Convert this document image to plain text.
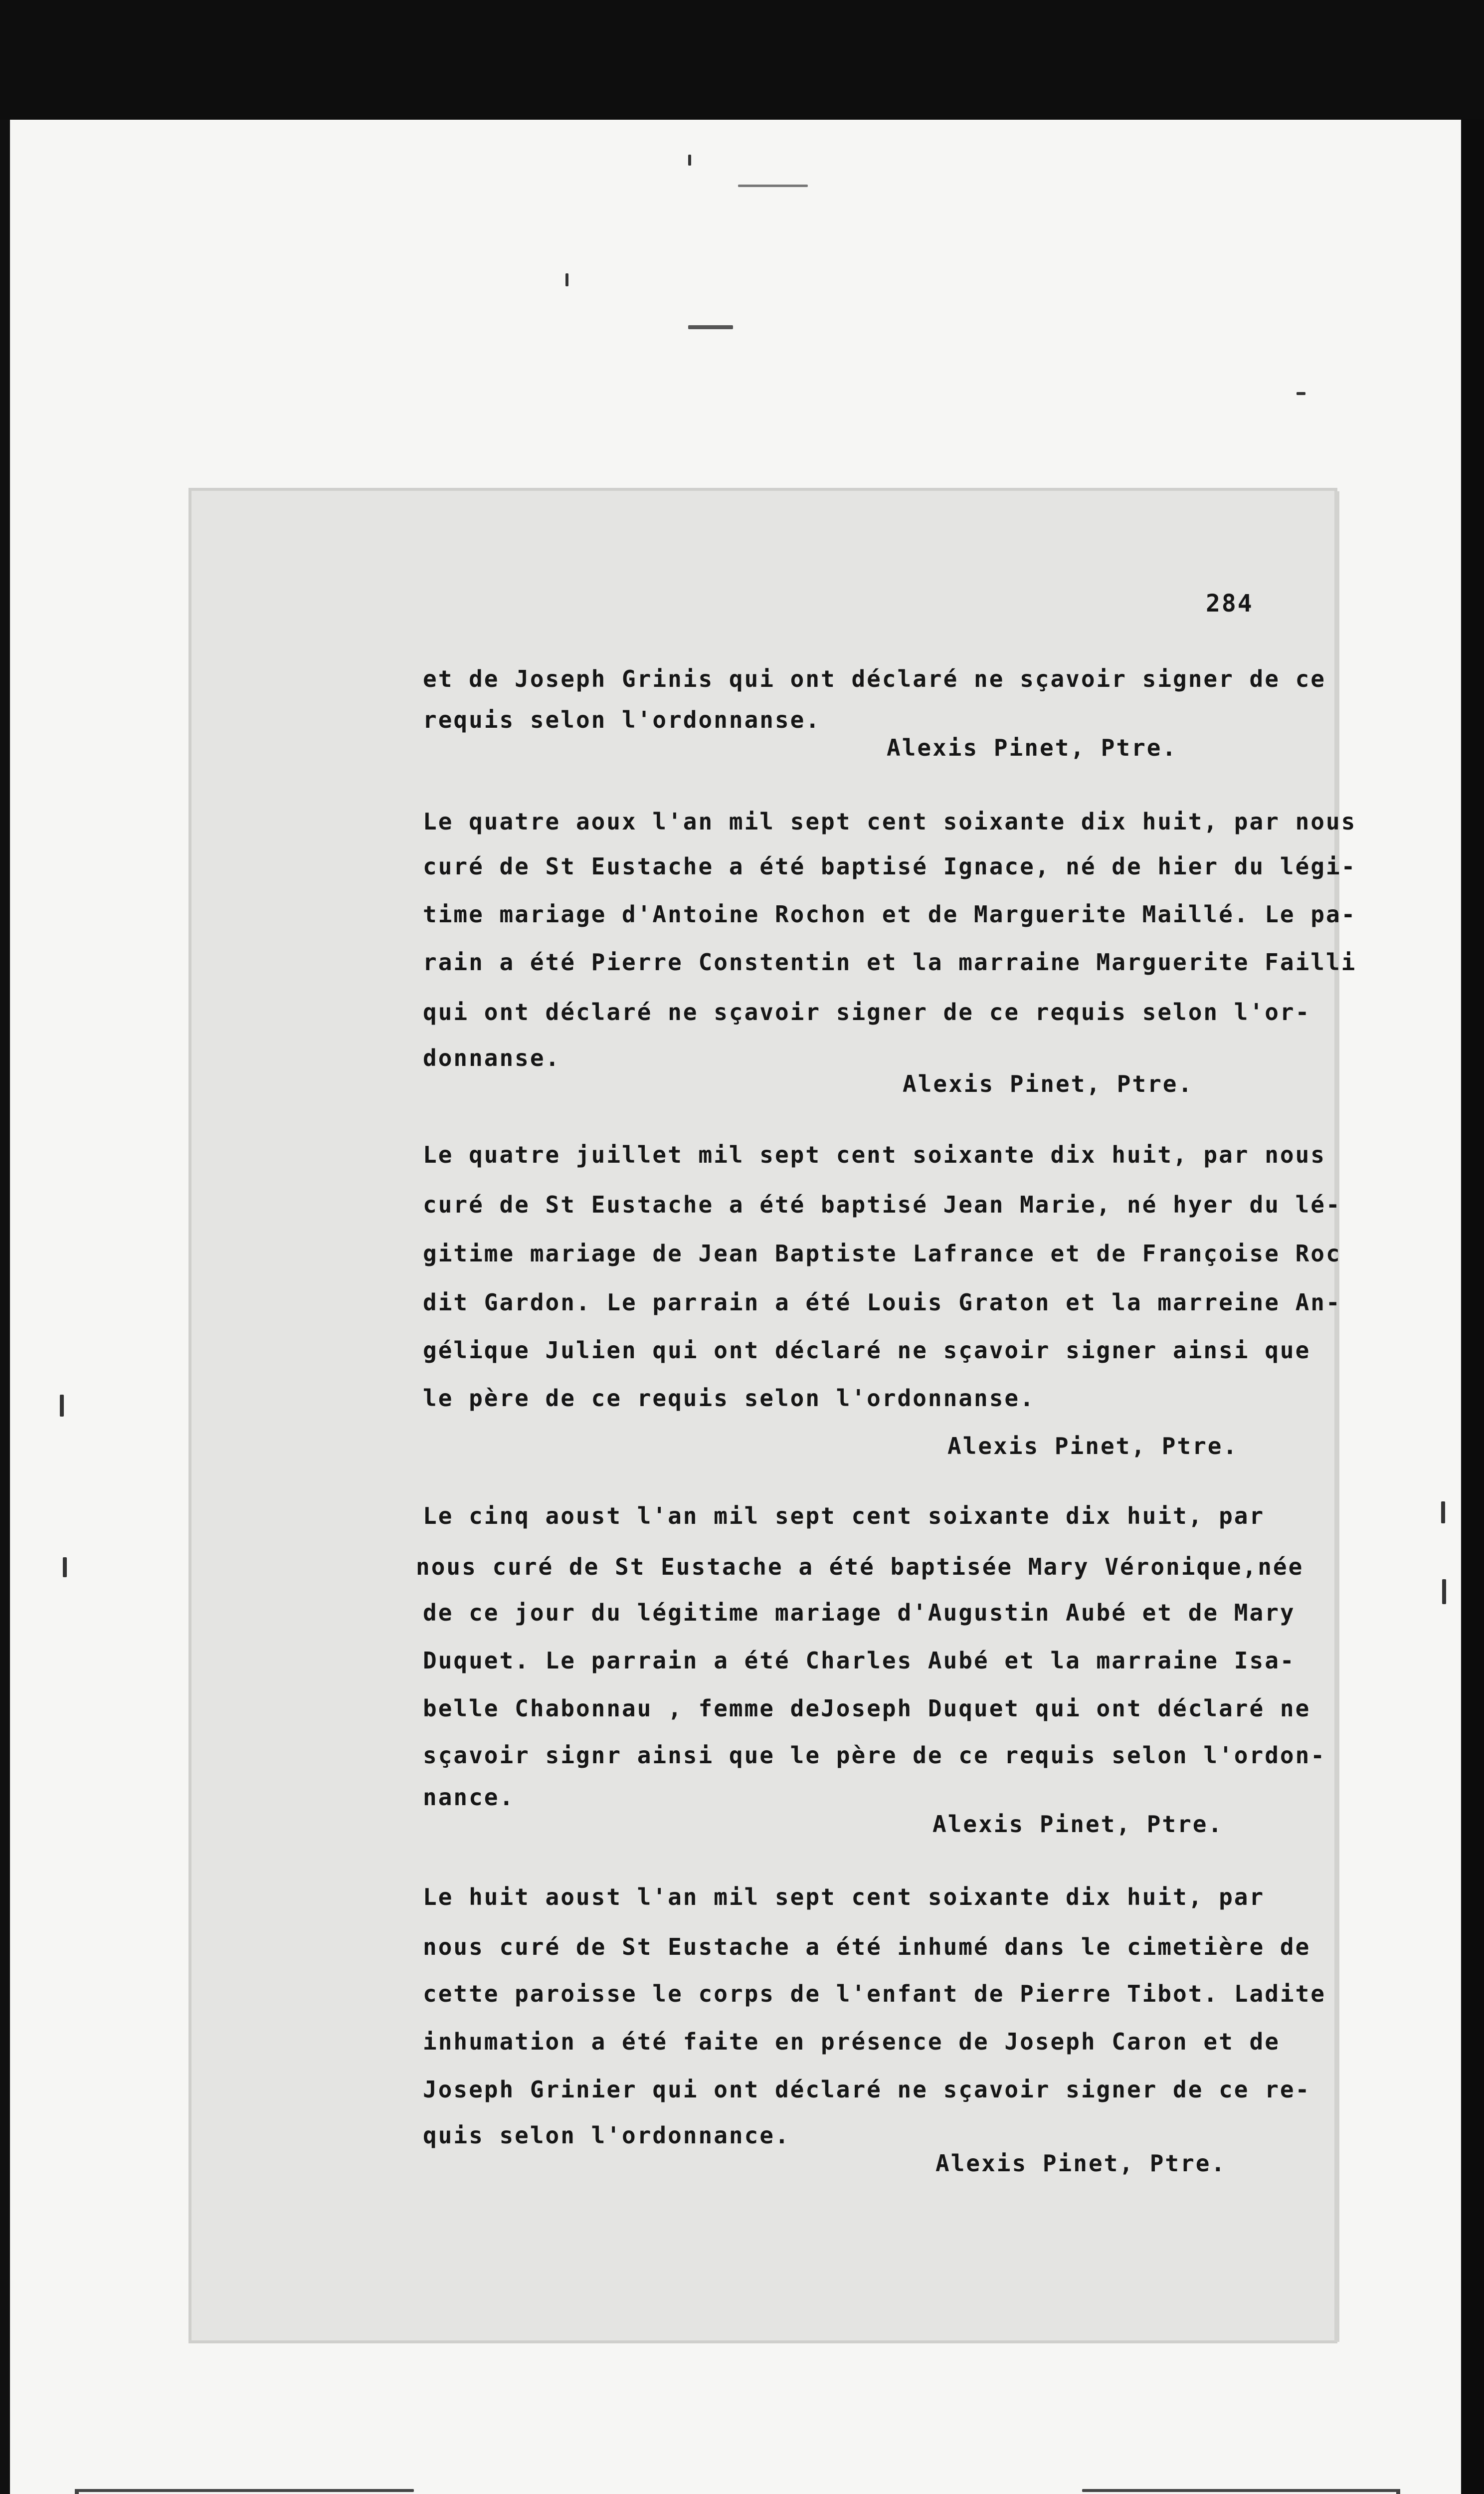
284
et de Joseph Grinis qui ont déclaré ne sçavoir signer de ce
requis selon l'ordonnanse.
Alexis Pinet, Ptre.
Le quatre aoux l'an mil sept cent soixante dix huit, par nous
curé de St Eustache a été baptisé Ignace, né de hier du légi-
time mariage d'Antoine Rochon et de Marguerite Maillé. Le pa-
rain a été Pierre Constentin et la marraine Marguerite Failli
qui ont déclaré ne sçavoir signer de ce requis selon l'or-
donnanse.
Alexis Pinet, Ptre.
Le quatre juillet mil sept cent soixante dix huit, par nous
curé de St Eustache a été baptisé Jean Marie, né hyer du lé-
gitime mariage de Jean Baptiste Lafrance et de Françoise Roc
dit Gardon. Le parrain a été Louis Graton et la marreine An-
gélique Julien qui ont déclaré ne sçavoir signer ainsi que
le père de ce requis selon l'ordonnanse.
Alexis Pinet, Ptre.
Le cinq aoust l'an mil sept cent soixante dix huit, par
nous curé de St Eustache a été baptisée Mary Véronique,née
de ce jour du légitime mariage d'Augustin Aubé et de Mary
Duquet. Le parrain a été Charles Aubé et la marraine Isa-
belle Chabonnau , femme deJoseph Duquet qui ont déclaré ne
sçavoir signr ainsi que le père de ce requis selon l'ordon-
nance.
Alexis Pinet, Ptre.
Le huit aoust l'an mil sept cent soixante dix huit, par
nous curé de St Eustache a été inhumé dans le cimetière de
cette paroisse le corps de l'enfant de Pierre Tibot. Ladite
inhumation a été faite en présence de Joseph Caron et de
Joseph Grinier qui ont déclaré ne sçavoir signer de ce re-
quis selon l'ordonnance.
Alexis Pinet, Ptre.
